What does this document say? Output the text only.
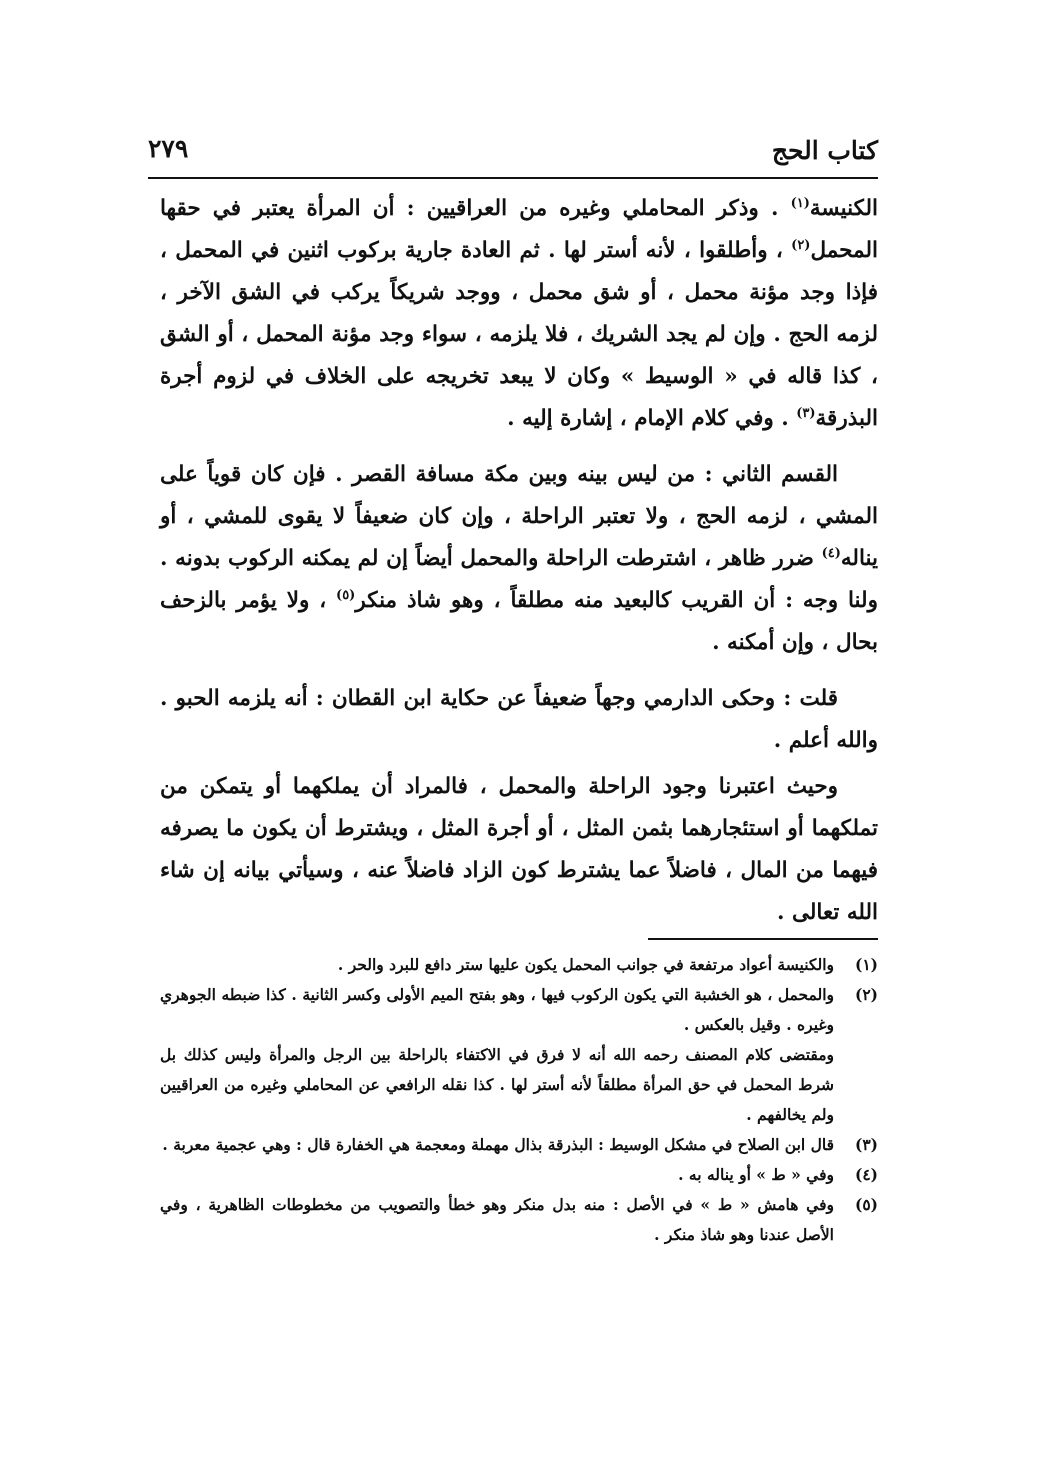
كتاب الحج
٢٧٩

الكنيسة$^{(١)}$ . وذكر المحاملي وغيره من العراقيين : أن المرأة يعتبر في حقها المحمل$^{(٢)}$ ، وأطلقوا ، لأنه أستر لها . ثم العادة جارية بركوب اثنين في المحمل ، فإذا وجد مؤنة محمل ، أو شق محمل ، ووجد شريكاً يركب في الشق الآخر ، لزمه الحج . وإن لم يجد الشريك ، فلا يلزمه ، سواء وجد مؤنة المحمل ، أو الشق ، كذا قاله في « الوسيط » وكان لا يبعد تخريجه على الخلاف في لزوم أجرة البذرقة$^{(٣)}$ . وفي كلام الإمام ، إشارة إليه .

القسم الثاني : من ليس بينه وبين مكة مسافة القصر . فإن كان قوياً على المشي ، لزمه الحج ، ولا تعتبر الراحلة ، وإن كان ضعيفاً لا يقوى للمشي ، أو يناله$^{(٤)}$ ضرر ظاهر ، اشترطت الراحلة والمحمل أيضاً إن لم يمكنه الركوب بدونه . ولنا وجه : أن القريب كالبعيد منه مطلقاً ، وهو شاذ منكر$^{(٥)}$ ، ولا يؤمر بالزحف بحال ، وإن أمكنه .

قلت : وحكى الدارمي وجهاً ضعيفاً عن حكاية ابن القطان : أنه يلزمه الحبو . والله أعلم .

وحيث اعتبرنا وجود الراحلة والمحمل ، فالمراد أن يملكهما أو يتمكن من تملكهما أو استئجارهما بثمن المثل ، أو أجرة المثل ، ويشترط أن يكون ما يصرفه فيهما من المال ، فاضلاً عما يشترط كون الزاد فاضلاً عنه ، وسيأتي بيانه إن شاء الله تعالى .

(١)
والكنيسة أعواد مرتفعة في جوانب المحمل يكون عليها ستر دافع للبرد والحر .
(٢)
والمحمل ، هو الخشبة التي يكون الركوب فيها ، وهو بفتح الميم الأولى وكسر الثانية . كذا ضبطه الجوهري وغيره . وقيل بالعكس .
ومقتضى كلام المصنف رحمه الله أنه لا فرق في الاكتفاء بالراحلة بين الرجل والمرأة وليس كذلك بل شرط المحمل في حق المرأة مطلقاً لأنه أستر لها . كذا نقله الرافعي عن المحاملي وغيره من العراقيين ولم يخالفهم .
(٣)
قال ابن الصلاح في مشكل الوسيط : البذرقة بذال مهملة ومعجمة هي الخفارة قال : وهي عجمية معربة .
(٤)
وفي « ط » أو يناله به .
(٥)
وفي هامش « ط » في الأصل : منه بدل منكر وهو خطأ والتصويب من مخطوطات الظاهرية ، وفي الأصل عندنا وهو شاذ منكر .
